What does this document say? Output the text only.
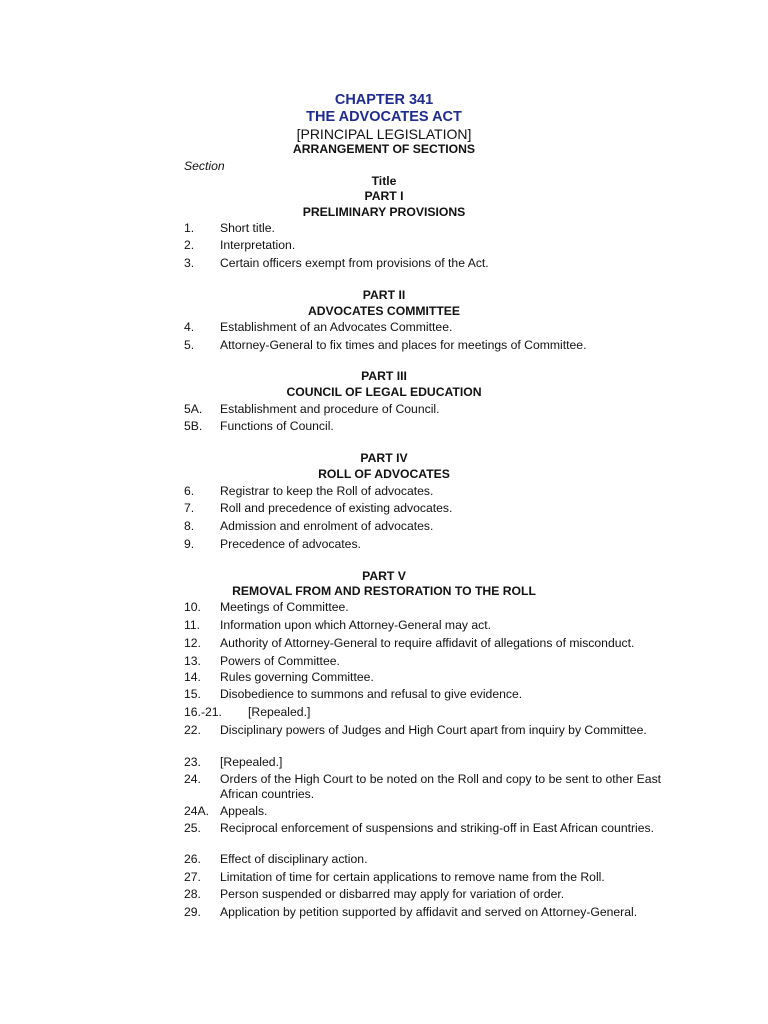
CHAPTER 341
THE ADVOCATES ACT
[PRINCIPAL LEGISLATION]
ARRANGEMENT OF SECTIONS
Section
Title
PART I
PRELIMINARY PROVISIONS
1. Short title.
2. Interpretation.
3. Certain officers exempt from provisions of the Act.
PART II
ADVOCATES COMMITTEE
4. Establishment of an Advocates Committee.
5. Attorney-General to fix times and places for meetings of Committee.
PART III
COUNCIL OF LEGAL EDUCATION
5A. Establishment and procedure of Council.
5B. Functions of Council.
PART IV
ROLL OF ADVOCATES
6. Registrar to keep the Roll of advocates.
7. Roll and precedence of existing advocates.
8. Admission and enrolment of advocates.
9. Precedence of advocates.
PART V
REMOVAL FROM AND RESTORATION TO THE ROLL
10. Meetings of Committee.
11. Information upon which Attorney-General may act.
12. Authority of Attorney-General to require affidavit of allegations of misconduct.
13. Powers of Committee.
14. Rules governing Committee.
15. Disobedience to summons and refusal to give evidence.
16.-21. [Repealed.]
22. Disciplinary powers of Judges and High Court apart from inquiry by Committee.
23. [Repealed.]
24. Orders of the High Court to be noted on the Roll and copy to be sent to other East African countries.
24A. Appeals.
25. Reciprocal enforcement of suspensions and striking-off in East African countries.
26. Effect of disciplinary action.
27. Limitation of time for certain applications to remove name from the Roll.
28. Person suspended or disbarred may apply for variation of order.
29. Application by petition supported by affidavit and served on Attorney-General.
